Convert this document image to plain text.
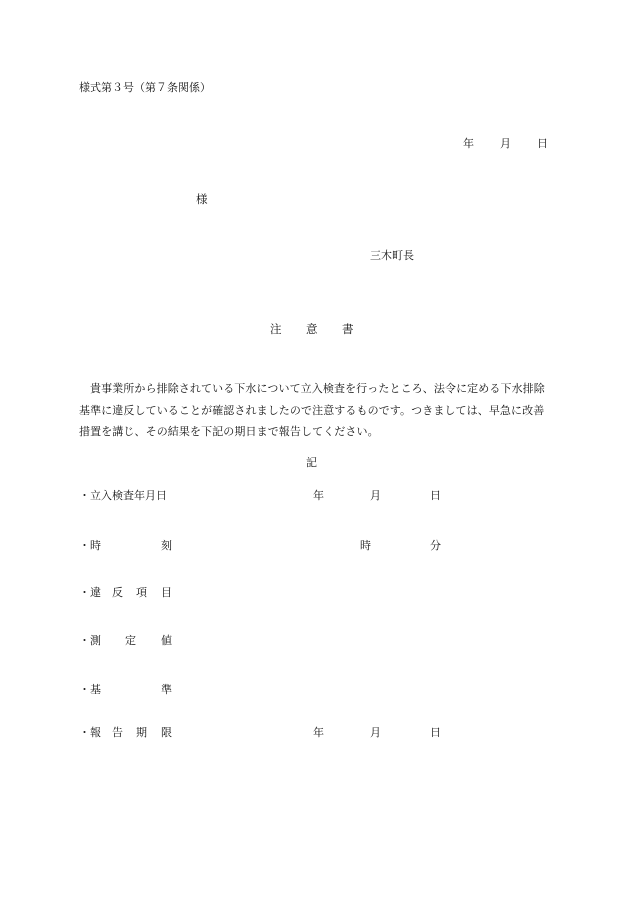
様式第３号（第７条関係）
年 月 日
様
三木町長
注 意 書
貴事業所から排除されている下水について立入検査を行ったところ、法令に定める下水排除基準に違反していることが確認されましたので注意するものです。つきましては、早急に改善措置を講じ、その結果を下記の期日まで報告してください。
記
・立入検査年月日	年	月	日
・時	刻	時	分
・違 反 項 目
・測 定 値
・基	準
・報 告 期 限	年	月	日
